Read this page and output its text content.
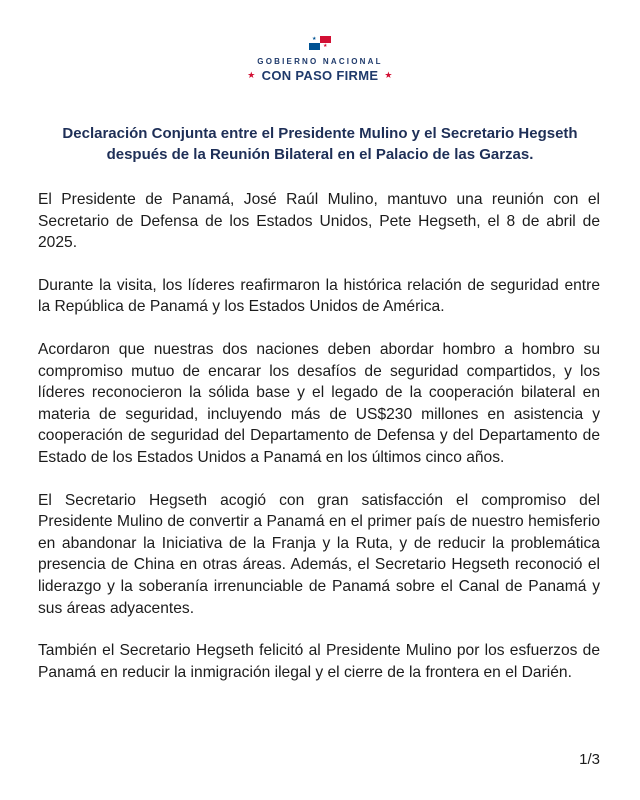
★
★
GOBIERNO NACIONAL
★ CON PASO FIRME ★
Declaración Conjunta entre el Presidente Mulino y el Secretario Hegseth después de la Reunión Bilateral en el Palacio de las Garzas.

El Presidente de Panamá, José Raúl Mulino, mantuvo una reunión con el Secretario de Defensa de los Estados Unidos, Pete Hegseth, el 8 de abril de 2025.

Durante la visita, los líderes reafirmaron la histórica relación de seguridad entre la República de Panamá y los Estados Unidos de América.

Acordaron que nuestras dos naciones deben abordar hombro a hombro su compromiso mutuo de encarar los desafíos de seguridad compartidos, y los líderes reconocieron la sólida base y el legado de la cooperación bilateral en materia de seguridad, incluyendo más de US$230 millones en asistencia y cooperación de seguridad del Departamento de Defensa y del Departamento de Estado de los Estados Unidos a Panamá en los últimos cinco años.

El Secretario Hegseth acogió con gran satisfacción el compromiso del Presidente Mulino de convertir a Panamá en el primer país de nuestro hemisferio en abandonar la Iniciativa de la Franja y la Ruta, y de reducir la problemática presencia de China en otras áreas. Además, el Secretario Hegseth reconoció el liderazgo y la soberanía irrenunciable de Panamá sobre el Canal de Panamá y sus áreas adyacentes.

También el Secretario Hegseth felicitó al Presidente Mulino por los esfuerzos de Panamá en reducir la inmigración ilegal y el cierre de la frontera en el Darién.

1/3
